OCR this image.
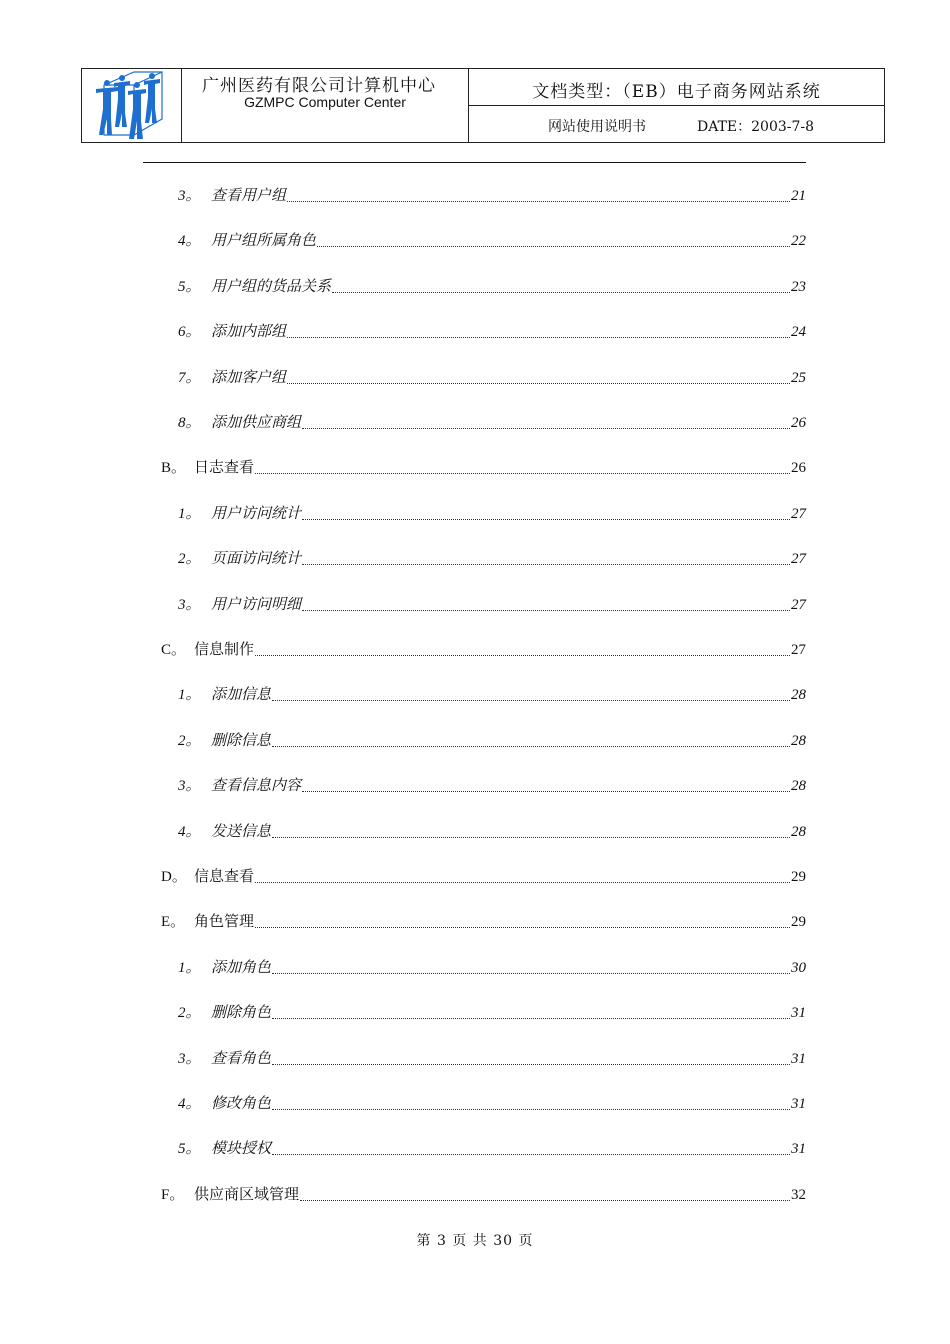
广州医药有限公司计算机中心
GZMPC Computer Center	文档类型：（EB）电子商务网站系统
网站使用说明书	DATE：2003-7-8
3。 查看用户组	21
4。 用户组所属角色	22
5。 用户组的货品关系	23
6。 添加内部组	24
7。 添加客户组	25
8。 添加供应商组	26
B。 日志查看	26
1。 用户访问统计	27
2。 页面访问统计	27
3。 用户访问明细	27
C。 信息制作	27
1。 添加信息	28
2。 删除信息	28
3。 查看信息内容	28
4。 发送信息	28
D。 信息查看	29
E。 角色管理	29
1。 添加角色	30
2。 删除角色	31
3。 查看角色	31
4。 修改角色	31
5。 模块授权	31
F。 供应商区域管理	32
第 3 页 共 30 页
